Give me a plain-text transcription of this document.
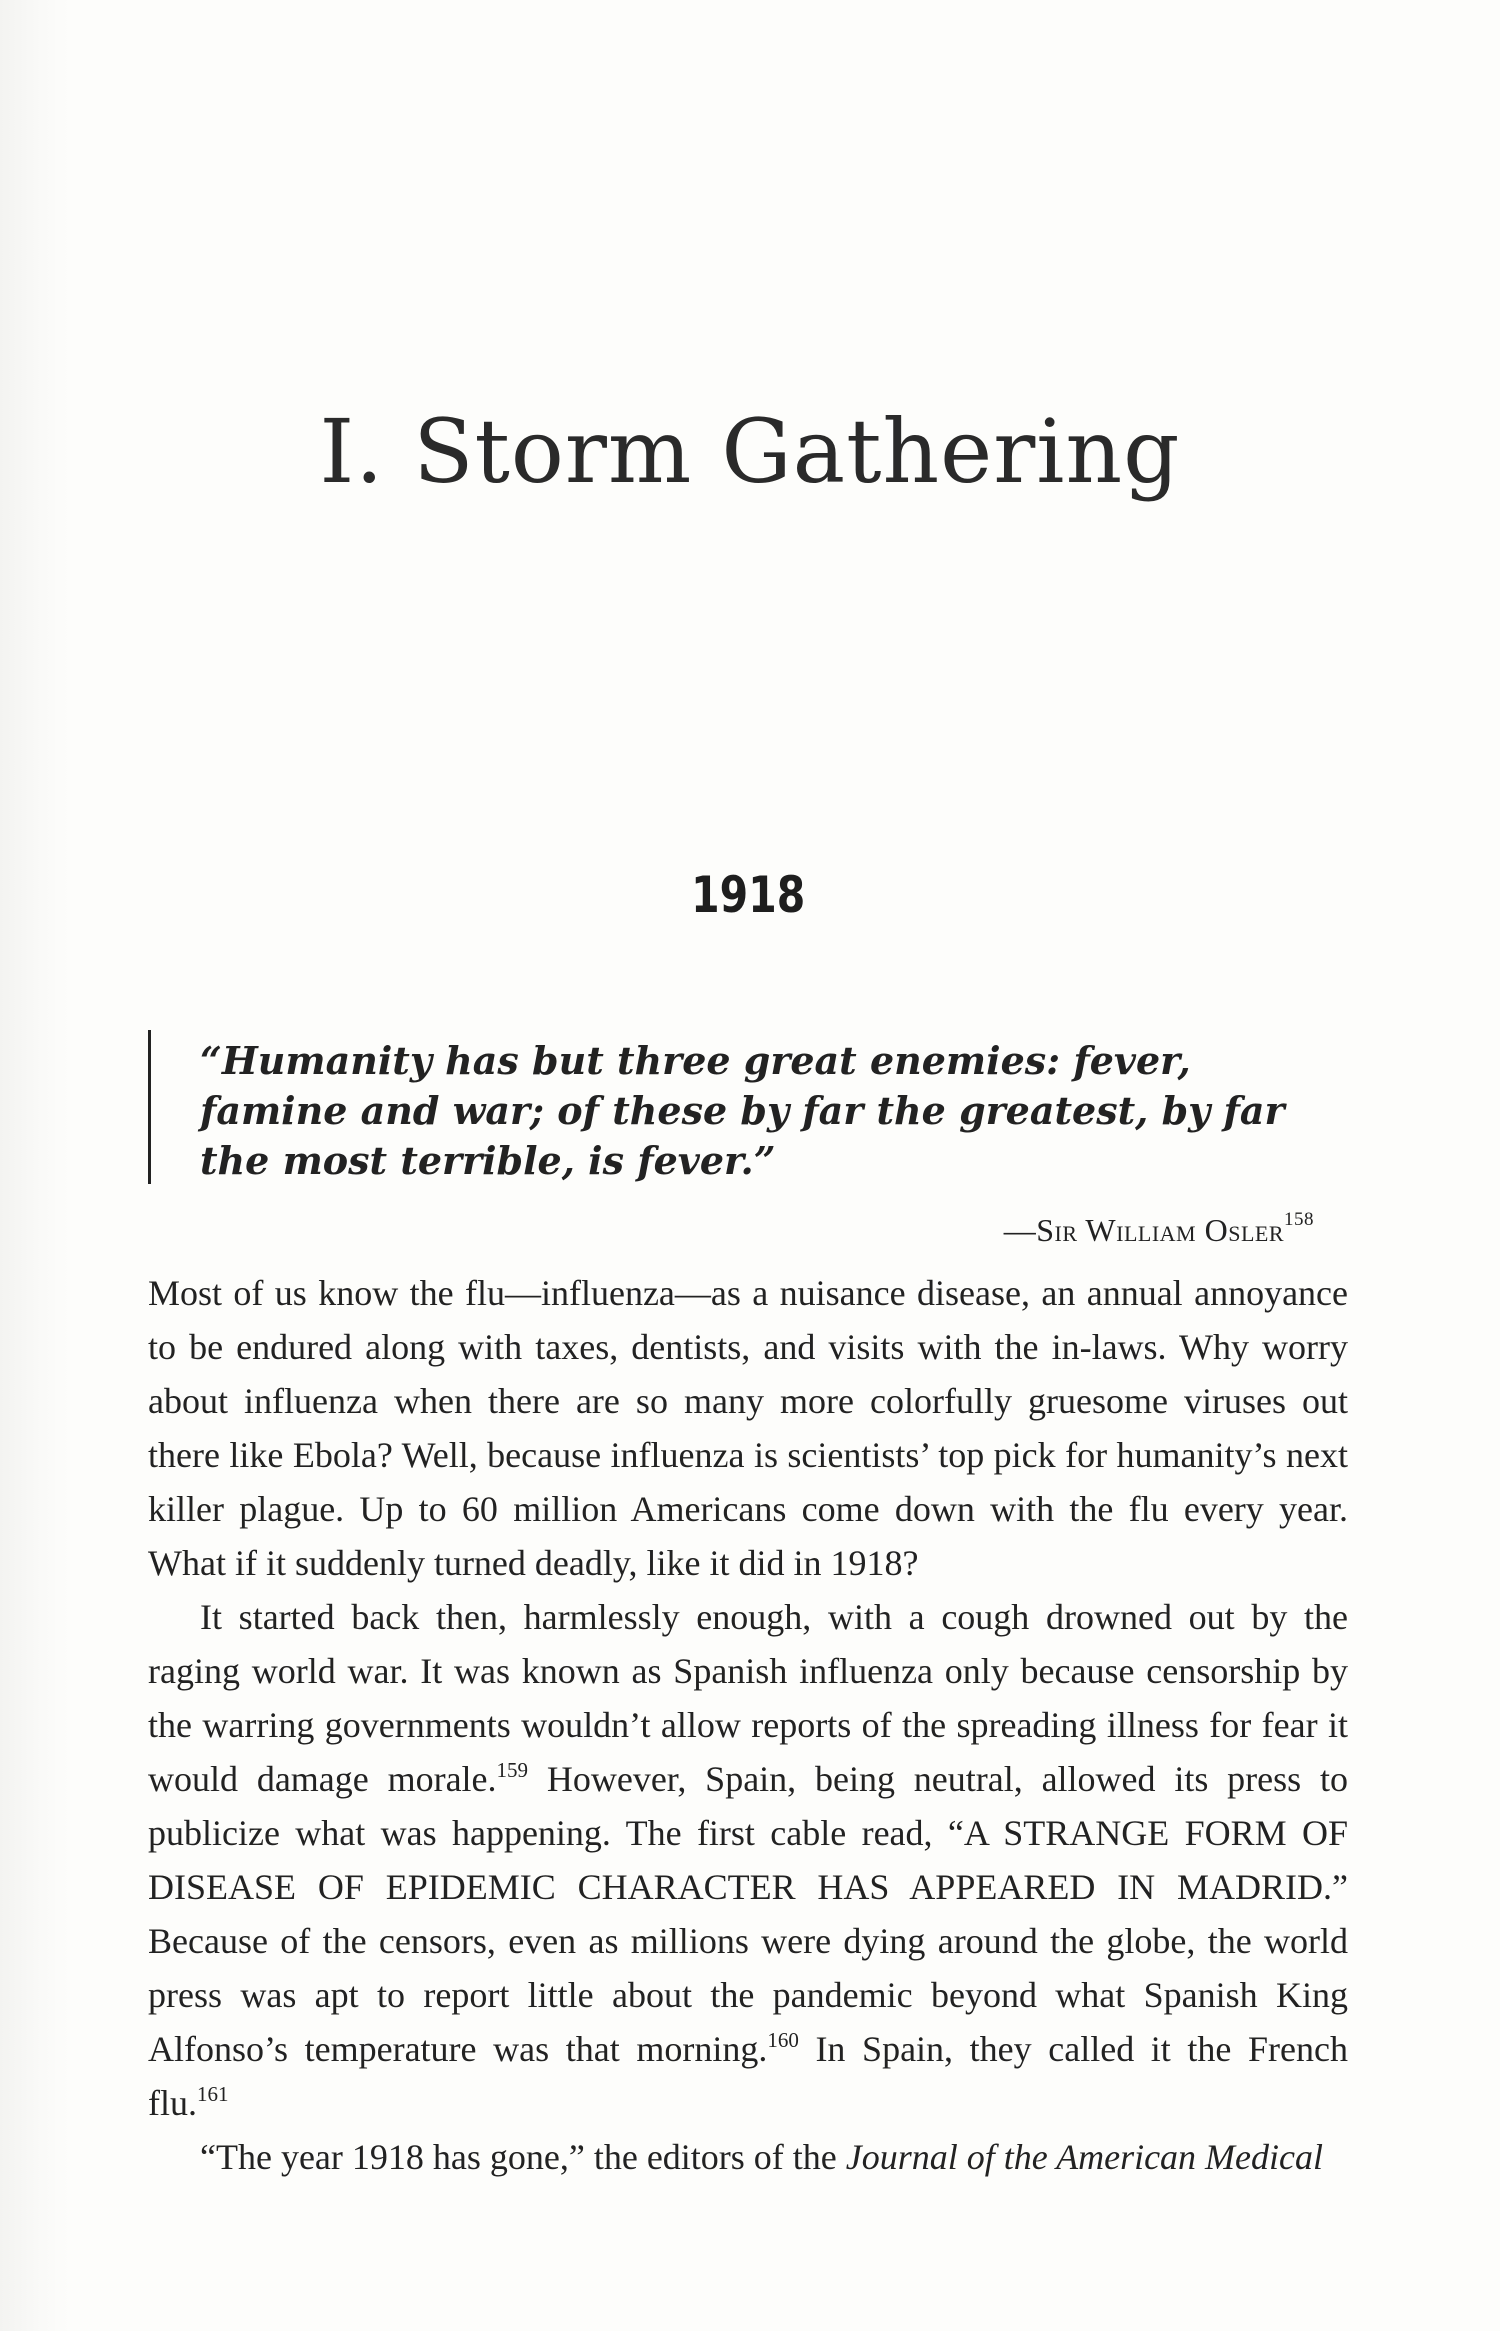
I. Storm Gathering
1918

“Humanity has but three great enemies: fever, famine and war; of these by far the greatest, by far the most terrible, is fever.”

—Sir William Osler$^{158}$

Most of us know the flu—influenza—as a nuisance disease, an annual annoyance to be endured along with taxes, dentists, and visits with the in-laws. Why worry about influenza when there are so many more colorfully gruesome viruses out there like Ebola? Well, because influenza is scientists’ top pick for humanity’s next killer plague. Up to 60 million Americans come down with the flu every year. What if it suddenly turned deadly, like it did in 1918?

It started back then, harmlessly enough, with a cough drowned out by the raging world war. It was known as Spanish influenza only because censorship by the warring governments wouldn’t allow reports of the spreading illness for fear it would damage morale.$^{159}$ However, Spain, being neutral, allowed its press to publicize what was happening. The first cable read, “A STRANGE FORM OF DISEASE OF EPIDEMIC CHARACTER HAS APPEARED IN MADRID.” Because of the censors, even as millions were dying around the globe, the world press was apt to report little about the pandemic beyond what Spanish King Alfonso’s temperature was that morning.$^{160}$ In Spain, they called it the French flu.$^{161}$

“The year 1918 has gone,” the editors of the Journal of the American Medical
